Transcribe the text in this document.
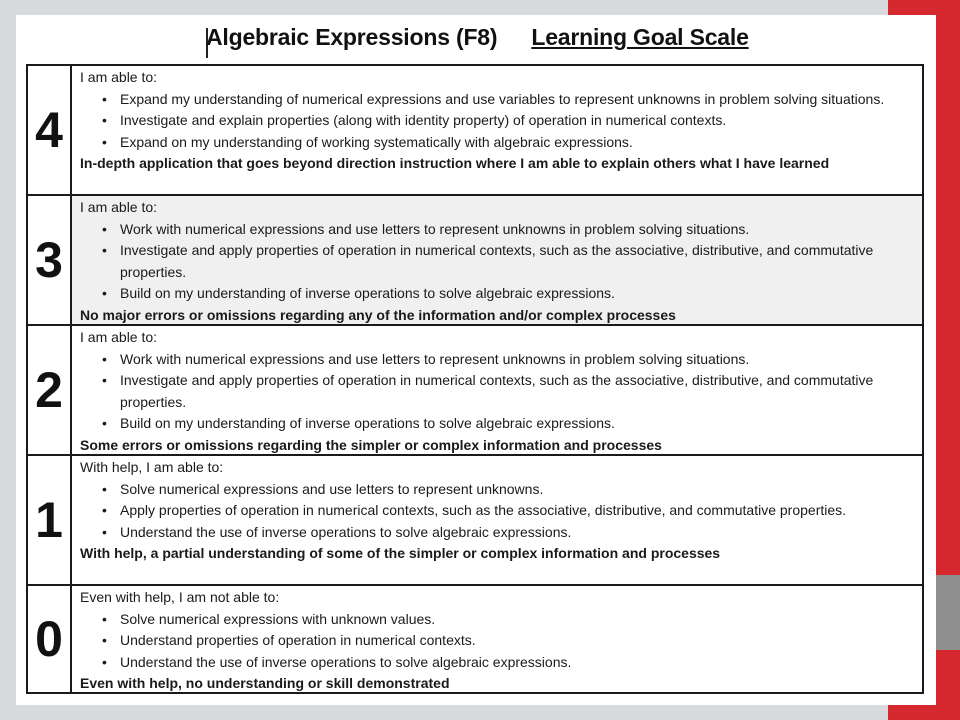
Algebraic Expressions (F8) Learning Goal Scale
4
I am able to:
• Expand my understanding of numerical expressions and use variables to represent unknowns in problem solving situations.
• Investigate and explain properties (along with identity property) of operation in numerical contexts.
• Expand on my understanding of working systematically with algebraic expressions.
In-depth application that goes beyond direction instruction where I am able to explain others what I have learned
3
I am able to:
• Work with numerical expressions and use letters to represent unknowns in problem solving situations.
• Investigate and apply properties of operation in numerical contexts, such as the associative, distributive, and commutative properties.
• Build on my understanding of inverse operations to solve algebraic expressions.
No major errors or omissions regarding any of the information and/or complex processes
2
I am able to:
• Work with numerical expressions and use letters to represent unknowns in problem solving situations.
• Investigate and apply properties of operation in numerical contexts, such as the associative, distributive, and commutative properties.
• Build on my understanding of inverse operations to solve algebraic expressions.
Some errors or omissions regarding the simpler or complex information and processes
1
With help, I am able to:
• Solve numerical expressions and use letters to represent unknowns.
• Apply properties of operation in numerical contexts, such as the associative, distributive, and commutative properties.
• Understand the use of inverse operations to solve algebraic expressions.
With help, a partial understanding of some of the simpler or complex information and processes
0
Even with help, I am not able to:
• Solve numerical expressions with unknown values.
• Understand properties of operation in numerical contexts.
• Understand the use of inverse operations to solve algebraic expressions.
Even with help, no understanding or skill demonstrated
